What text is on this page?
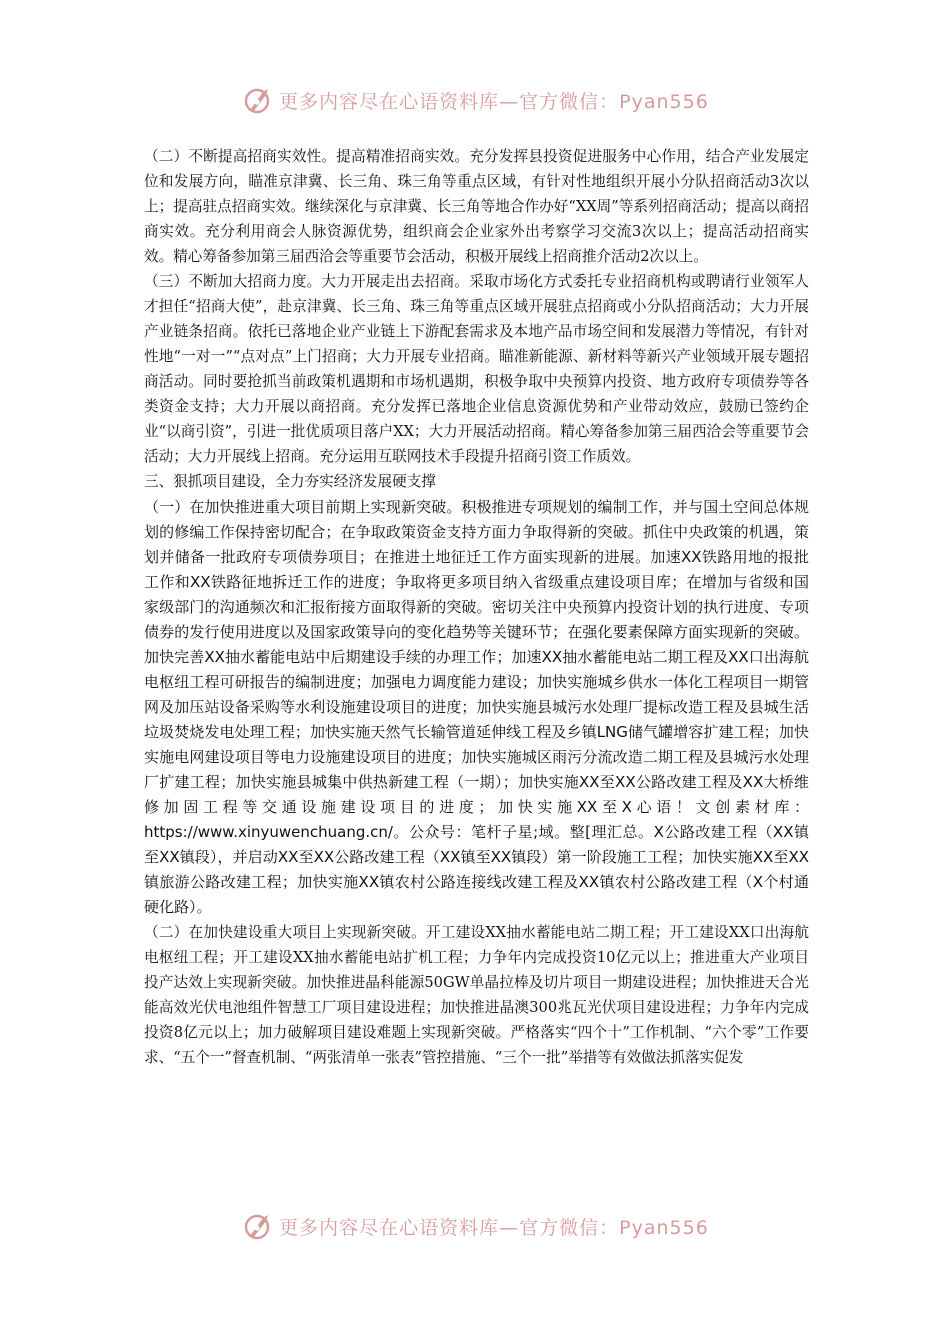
更多内容尽在心语资料库—官方微信：Pyan556

（二）不断提高招商实效性。提高精准招商实效。充分发挥县投资促进服务中心作用，结合产业发展定位和发展方向，瞄准京津冀、长三角、珠三角等重点区域，有针对性地组织开展小分队招商活动3次以上；提高驻点招商实效。继续深化与京津冀、长三角等地合作办好“XX周”等系列招商活动；提高以商招商实效。充分利用商会人脉资源优势，组织商会企业家外出考察学习交流3次以上；提高活动招商实效。精心筹备参加第三届西洽会等重要节会活动，积极开展线上招商推介活动2次以上。

（三）不断加大招商力度。大力开展走出去招商。采取市场化方式委托专业招商机构或聘请行业领军人才担任“招商大使”，赴京津冀、长三角、珠三角等重点区域开展驻点招商或小分队招商活动；大力开展产业链条招商。依托已落地企业产业链上下游配套需求及本地产品市场空间和发展潜力等情况，有针对性地“一对一”“点对点”上门招商；大力开展专业招商。瞄准新能源、新材料等新兴产业领域开展专题招商活动。同时要抢抓当前政策机遇期和市场机遇期，积极争取中央预算内投资、地方政府专项债券等各类资金支持；大力开展以商招商。充分发挥已落地企业信息资源优势和产业带动效应，鼓励已签约企业“以商引资”，引进一批优质项目落户XX；大力开展活动招商。精心筹备参加第三届西洽会等重要节会活动；大力开展线上招商。充分运用互联网技术手段提升招商引资工作质效。

三、狠抓项目建设，全力夯实经济发展硬支撑

（一）在加快推进重大项目前期上实现新突破。积极推进专项规划的编制工作，并与国土空间总体规划的修编工作保持密切配合；在争取政策资金支持方面力争取得新的突破。抓住中央政策的机遇，策划并储备一批政府专项债券项目；在推进土地征迁工作方面实现新的进展。加速XX铁路用地的报批工作和XX铁路征地拆迁工作的进度；争取将更多项目纳入省级重点建设项目库；在增加与省级和国家级部门的沟通频次和汇报衔接方面取得新的突破。密切关注中央预算内投资计划的执行进度、专项债券的发行使用进度以及国家政策导向的变化趋势等关键环节；在强化要素保障方面实现新的突破。加快完善XX抽水蓄能电站中后期建设手续的办理工作；加速XX抽水蓄能电站二期工程及XX口出海航电枢纽工程可研报告的编制进度；加强电力调度能力建设；加快实施城乡供水一体化工程项目一期管网及加压站设备采购等水利设施建设项目的进度；加快实施县城污水处理厂提标改造工程及县城生活垃圾焚烧发电处理工程；加快实施天然气长输管道延伸线工程及乡镇LNG储气罐增容扩建工程；加快实施电网建设项目等电力设施建设项目的进度；加快实施城区雨污分流改造二期工程及县城污水处理厂扩建工程；加快实施县城集中供热新建工程（一期）；加快实施XX至XX公路改建工程及XX大桥维修加固工程等交通设施建设项目的进度；加快实施XX至X心语！文创素材库：https://www.xinyuwenchuang.cn/。公众号：笔杆子星;域。整[理汇总。X公路改建工程（XX镇至XX镇段），并启动XX至XX公路改建工程（XX镇至XX镇段）第一阶段施工工程；加快实施XX至XX镇旅游公路改建工程；加快实施XX镇农村公路连接线改建工程及XX镇农村公路改建工程（X个村通硬化路）。

（二）在加快建设重大项目上实现新突破。开工建设XX抽水蓄能电站二期工程；开工建设XX口出海航电枢纽工程；开工建设XX抽水蓄能电站扩机工程；力争年内完成投资10亿元以上；推进重大产业项目投产达效上实现新突破。加快推进晶科能源50GW单晶拉棒及切片项目一期建设进程；加快推进天合光能高效光伏电池组件智慧工厂项目建设进程；加快推进晶澳300兆瓦光伏项目建设进程；力争年内完成投资8亿元以上；加力破解项目建设难题上实现新突破。严格落实“四个十”工作机制、“六个零”工作要求、“五个一”督查机制、“两张清单一张表”管控措施、“三个一批”举措等有效做法抓落实促发

更多内容尽在心语资料库—官方微信：Pyan556
